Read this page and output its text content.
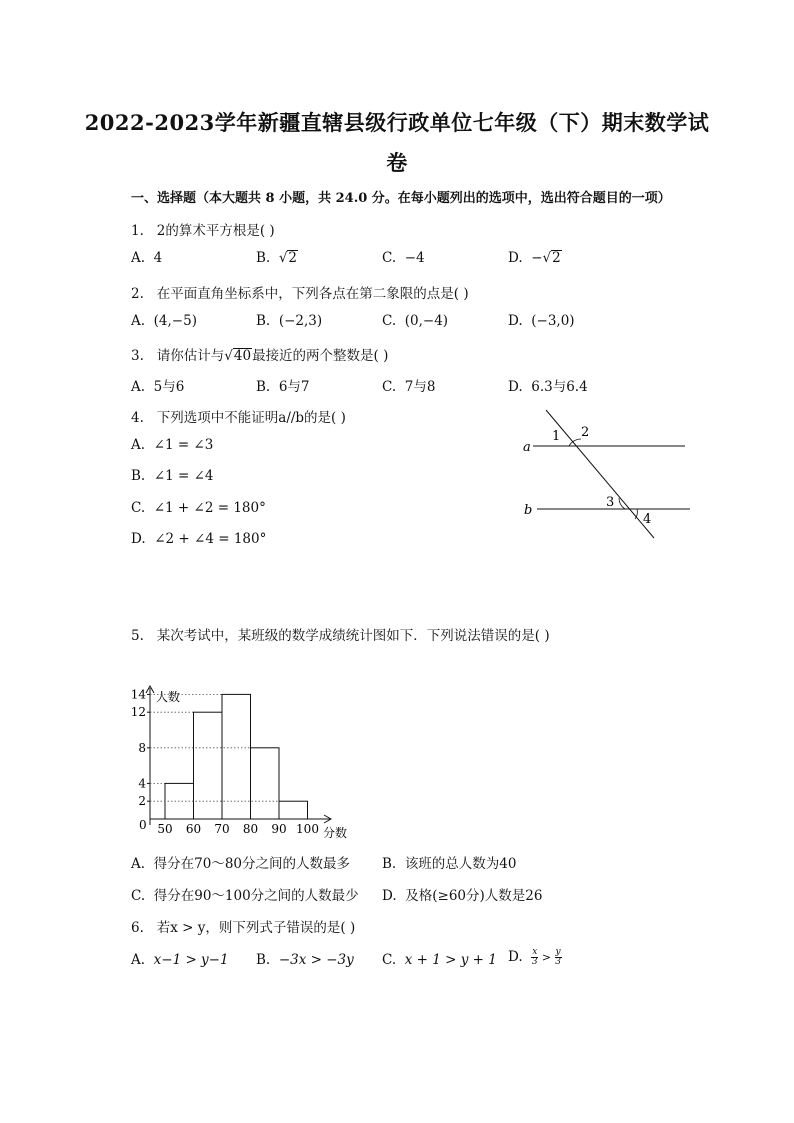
2022-2023学年新疆直辖县级行政单位七年级（下）期末数学试
卷
一、选择题（本大题共 8 小题，共 24.0 分。在每小题列出的选项中，选出符合题目的一项）
1. 2的算术平方根是( )
A. 4	B. √2	C. −4	D. −√2
2. 在平面直角坐标系中，下列各点在第二象限的点是( )
A. (4,−5)	B. (−2,3)	C. (0,−4)	D. (−3,0)
3. 请你估计与√40最接近的两个整数是( )
A. 5与6	B. 6与7	C. 7与8	D. 6.3与6.4
4. 下列选项中不能证明a//b的是( )
A. ∠1 = ∠3
B. ∠1 = ∠4
C. ∠1 + ∠2 = 180°
D. ∠2 + ∠4 = 180°
a
b
1 2
3
4
5. 某次考试中，某班级的数学成绩统计图如下．下列说法错误的是( )
人数
分数
0
14
12
8
4
2
50 60 70 80 90 100
A. 得分在70～80分之间的人数最多 B. 该班的总人数为40
C. 得分在90～100分之间的人数最少 D. 及格(≥60分)人数是26
6. 若x > y，则下列式子错误的是( )
A. x−1 > y−1 B. −3x > −3y C. x + 1 > y + 1 D. $\frac{x}{3} > \frac{y}{3}$
